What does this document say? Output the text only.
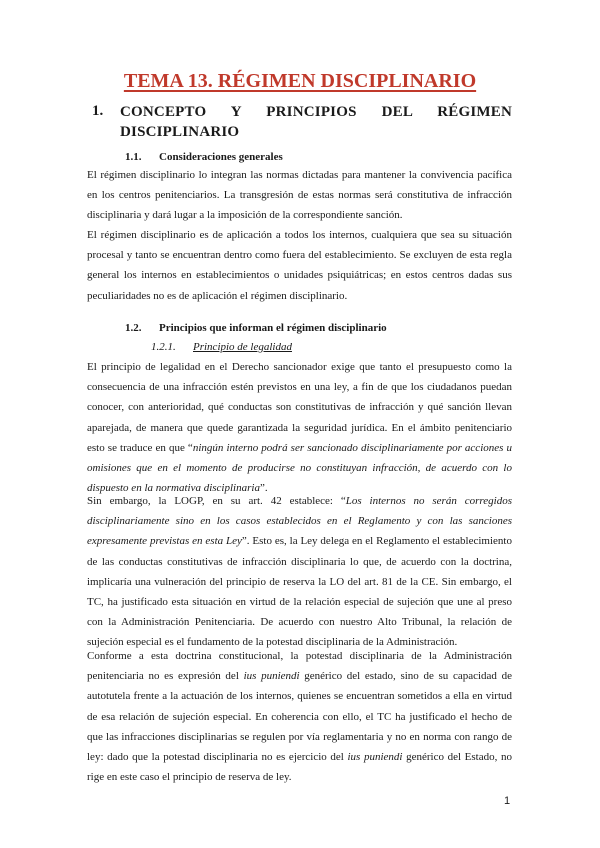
TEMA 13. RÉGIMEN DISCIPLINARIO
1. CONCEPTO Y PRINCIPIOS DEL RÉGIMEN
DISCIPLINARIO
1.1. Consideraciones generales

El régimen disciplinario lo integran las normas dictadas para mantener la convivencia pacífica en los centros penitenciarios. La transgresión de estas normas será constitutiva de infracción disciplinaria y dará lugar a la imposición de la correspondiente sanción.

El régimen disciplinario es de aplicación a todos los internos, cualquiera que sea su situación procesal y tanto se encuentran dentro como fuera del establecimiento. Se excluyen de esta regla general los internos en establecimientos o unidades psiquiátricas; en estos centros dadas sus peculiaridades no es de aplicación el régimen disciplinario.

1.2. Principios que informan el régimen disciplinario
1.2.1. Principio de legalidad

El principio de legalidad en el Derecho sancionador exige que tanto el presupuesto como la consecuencia de una infracción estén previstos en una ley, a fin de que los ciudadanos puedan conocer, con anterioridad, qué conductas son constitutivas de infracción y qué sanción llevan aparejada, de manera que quede garantizada la seguridad jurídica. En el ámbito penitenciario esto se traduce en que “ningún interno podrá ser sancionado disciplinariamente por acciones u omisiones que en el momento de producirse no constituyan infracción, de acuerdo con lo dispuesto en la normativa disciplinaria”.

Sin embargo, la LOGP, en su art. 42 establece: “Los internos no serán corregidos disciplinariamente sino en los casos establecidos en el Reglamento y con las sanciones expresamente previstas en esta Ley”. Esto es, la Ley delega en el Reglamento el establecimiento de las conductas constitutivas de infracción disciplinaria lo que, de acuerdo con la doctrina, implicaría una vulneración del principio de reserva la LO del art. 81 de la CE. Sin embargo, el TC, ha justificado esta situación en virtud de la relación especial de sujeción que une al preso con la Administración Penitenciaria. De acuerdo con nuestro Alto Tribunal, la relación de sujeción especial es el fundamento de la potestad disciplinaria de la Administración.

Conforme a esta doctrina constitucional, la potestad disciplinaria de la Administración penitenciaria no es expresión del ius puniendi genérico del estado, sino de su capacidad de autotutela frente a la actuación de los internos, quienes se encuentran sometidos a ella en virtud de esa relación de sujeción especial. En coherencia con ello, el TC ha justificado el hecho de que las infracciones disciplinarias se regulen por vía reglamentaria y no en norma con rango de ley: dado que la potestad disciplinaria no es ejercicio del ius puniendi genérico del Estado, no rige en este caso el principio de reserva de ley.

1
